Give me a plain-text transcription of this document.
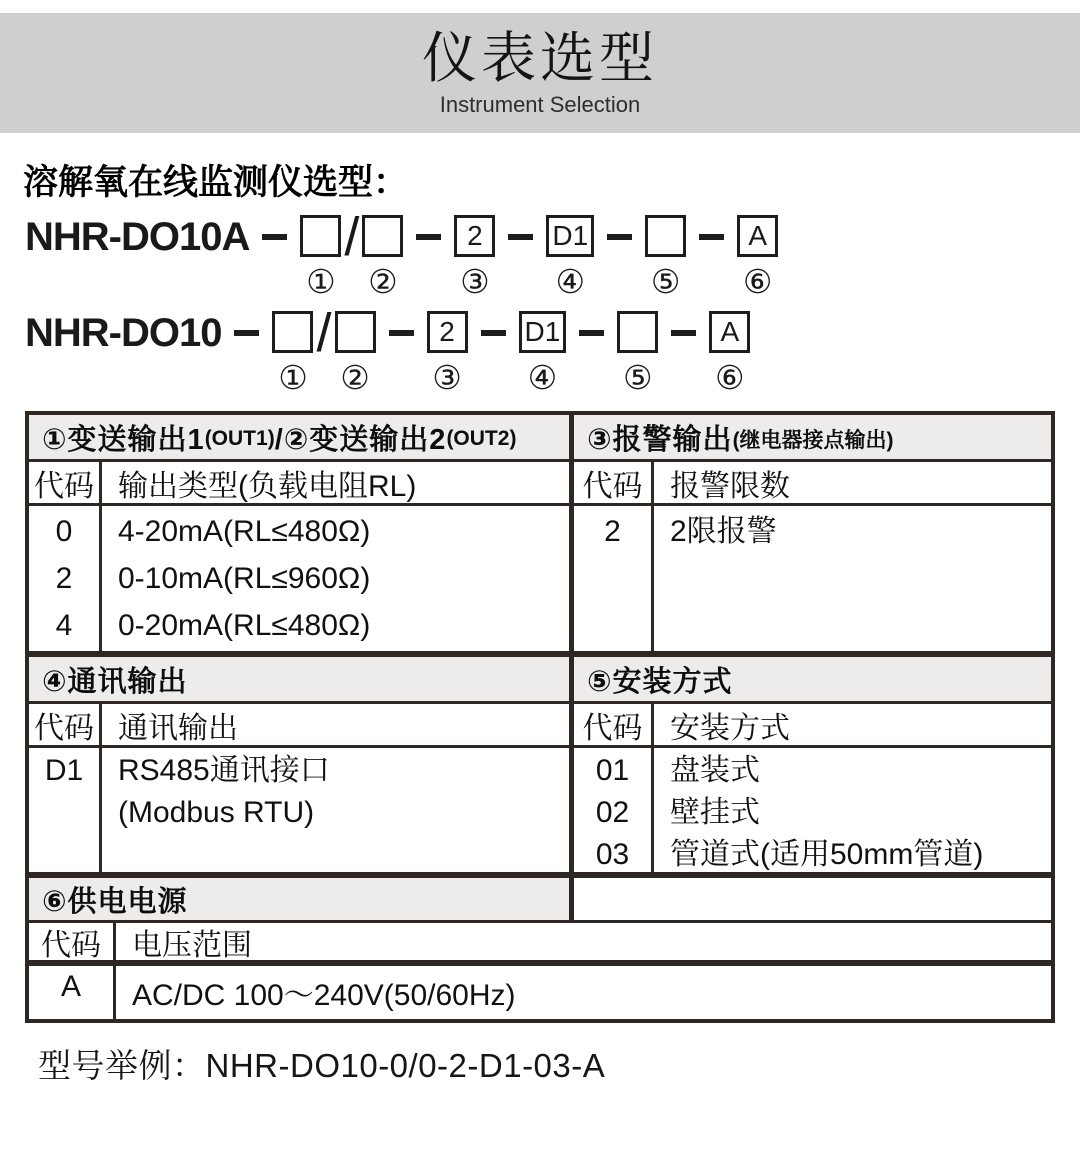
仪表选型
Instrument Selection
溶解氧在线监测仪选型：
NHR-DO10A
①
/
②
2
③
D1
④ ⑤
A
⑥
NHR-DO10
①
/
②
2
③
D1
④ ⑤
A
⑥
①变送输出1 (OUT1) /②变送输出2 (OUT2)
代码 输出类型(负载电阻RL)
0
2
4
4-20mA(RL≤480Ω)
0-10mA(RL≤960Ω)
0-20mA(RL≤480Ω)
③报警输出 (继电器接点输出)
代码 报警限数
2 2限报警
④通讯输出
代码 通讯输出
D1 RS485通讯接口
(Modbus RTU)
⑤安装方式
代码 安装方式
01
02
03
盘装式
壁挂式
管道式(适用50mm管道)
⑥供电电源
代码	电压范围
A	AC/DC 100～240V(50/60Hz)
型号举例：NHR-DO10-0/0-2-D1-03-A
